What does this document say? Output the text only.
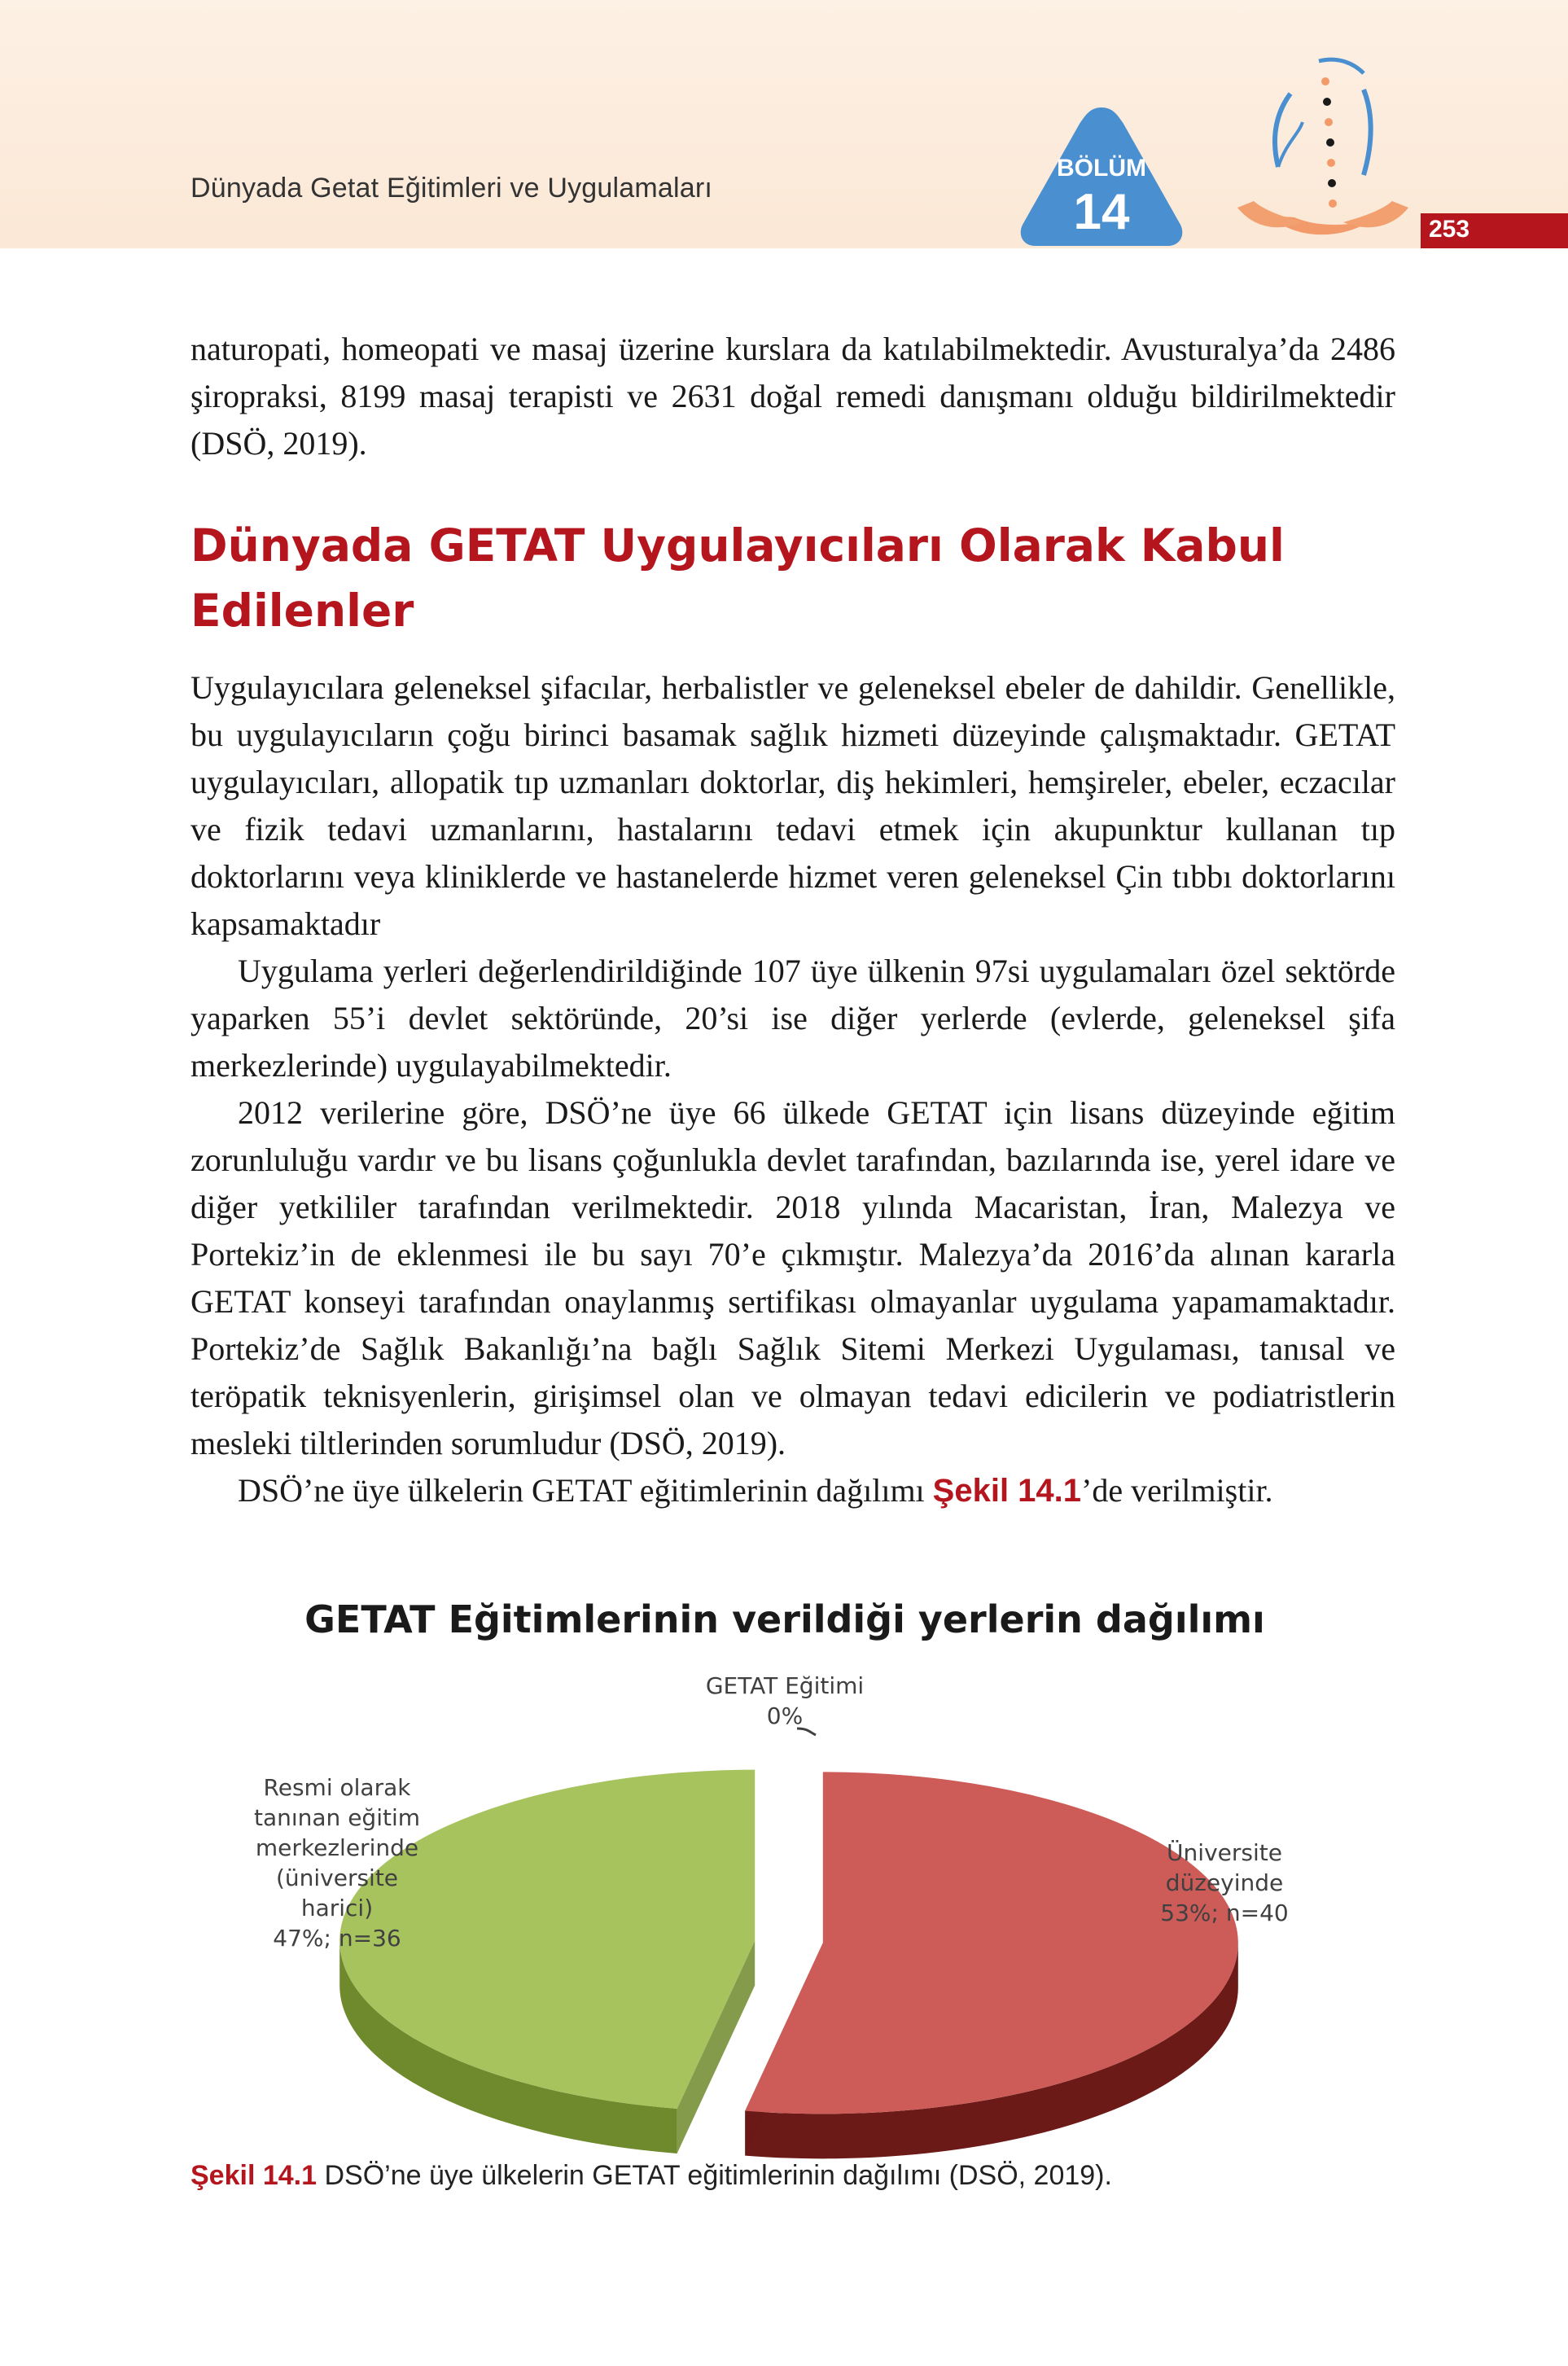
Dünyada Getat Eğitimleri ve Uygulamaları
BÖLÜM
14	253

naturopati, homeopati ve masaj üzerine kurslara da katılabilmektedir. Avusturalya’da 2486 şiropraksi, 8199 masaj terapisti ve 2631 doğal remedi danışmanı olduğu bildirilmektedir (DSÖ, 2019).

Dünyada GETAT Uygulayıcıları Olarak Kabul
Edilenler

Uygulayıcılara geleneksel şifacılar, herbalistler ve geleneksel ebeler de dahildir. Genellikle, bu uygulayıcıların çoğu birinci basamak sağlık hizmeti düzeyinde çalışmaktadır. GETAT uygulayıcıları, allopatik tıp uzmanları doktorlar, diş hekimleri, hemşireler, ebeler, eczacılar ve fizik tedavi uzmanlarını, hastalarını tedavi etmek için akupunktur kullanan tıp doktorlarını veya kliniklerde ve hastanelerde hizmet veren geleneksel Çin tıbbı doktorlarını kapsamaktadır

Uygulama yerleri değerlendirildiğinde 107 üye ülkenin 97si uygulamaları özel sektörde yaparken 55’i devlet sektöründe, 20’si ise diğer yerlerde (evlerde, geleneksel şifa merkezlerinde) uygulayabilmektedir.

2012 verilerine göre, DSÖ’ne üye 66 ülkede GETAT için lisans düzeyinde eğitim zorunluluğu vardır ve bu lisans çoğunlukla devlet tarafından, bazılarında ise, yerel idare ve diğer yetkililer tarafından verilmektedir. 2018 yılında Macaristan, İran, Malezya ve Portekiz’in de eklenmesi ile bu sayı 70’e çıkmıştır. Malezya’da 2016’da alınan kararla GETAT konseyi tarafından onaylanmış sertifikası olmayanlar uygulama yapamamaktadır. Portekiz’de Sağlık Bakanlığı’na bağlı Sağlık Sitemi Merkezi Uygulaması, tanısal ve teröpatik teknisyenlerin, girişimsel olan ve olmayan tedavi edicilerin ve podiatristlerin mesleki tiltlerinden sorumludur (DSÖ, 2019).

DSÖ’ne üye ülkelerin GETAT eğitimlerinin dağılımı Şekil 14.1’de verilmiştir.

GETAT Eğitimlerinin verildiği yerlerin dağılımı
Üniversite düzeyinde 53%; n=40
Resmi olarak tanınan eğitim merkezlerinde (üniversite harici) 47%; n=36
GETAT Eğitimi 0%
Şekil 14.1 DSÖ’ne üye ülkelerin GETAT eğitimlerinin dağılımı (DSÖ, 2019).
